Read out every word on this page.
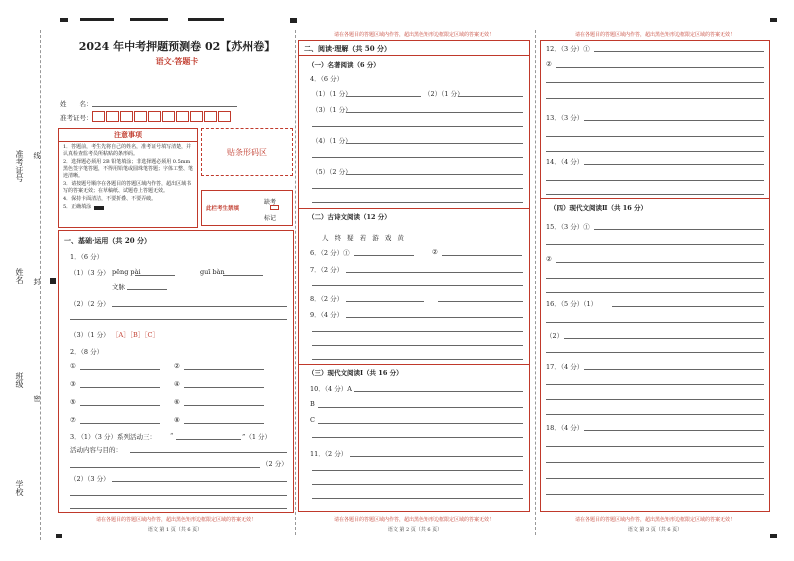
准考证号
姓名
班级
学校
线
封
密
2024 年中考押题预测卷 02【苏州卷】
语文·答题卡
姓　　名：
准考证号：
注意事项
1．答题前，考生先将自己的姓名，准考证号填写清楚，并认真检查监考员所粘贴的条形码。
2．选择题必须用 2B 铅笔填涂；非选择题必须用 0.5mm 黑色签字笔答题，不得用铅笔或圆珠笔答题；字体工整、笔迹清晰。
3．请按题号顺序在各题目的答题区域内作答，超出区域书写的答案无效；在草稿纸、试题卷上答题无效。
4．保持卡面清洁，不要折叠、不要弄破。
5．正确填涂
贴条形码区
此栏考生禁填
缺考
标记
一、基础·运用（共 20 分）
1．（6 分）
（1）（3 分） pēng pài	guī bàn
文脉
（2）（2 分）
（3）（1 分） ［A］［B］［C］
2．（8 分）
①	②
③	④
⑤	⑥
⑦	⑧
3．（1）（3 分）系列活动三： “	”（1 分）
活动内容与目的：
（2 分）
（2）（3 分）
请在各题目的答题区域内作答，超出黑色矩形边框限定区域的答案无效！
语文 第 1 页（共 6 页）
请在各题目的答题区域内作答，超出黑色矩形边框限定区域的答案无效！
二、阅读·理解（共 50 分）
（一）名著阅读（6 分）
4．（6 分）
（1）（1 分）	（2）（1 分）
（3）（1 分）
（4）（1 分）
（5）（2 分）
（二）古诗文阅读（12 分）
人 终 疑 若 游 戏 黄
6．（2 分）①	②
7．（2 分）
8．（2 分）
9．（4 分）
（三）现代文阅读Ⅰ（共 16 分）
10．（4 分）A
B
C
11．（2 分）
请在各题目的答题区域内作答，超出黑色矩形边框限定区域的答案无效！
语文 第 2 页（共 6 页）
请在各题目的答题区域内作答，超出黑色矩形边框限定区域的答案无效！
12．（3 分）①
②
13．（3 分）
14．（4 分）
（四）现代文阅读Ⅱ（共 16 分）
15．（3 分）①
②
16．（5 分）（1）
（2）
17．（4 分）
18．（4 分）
请在各题目的答题区域内作答，超出黑色矩形边框限定区域的答案无效！
语文 第 3 页（共 6 页）
